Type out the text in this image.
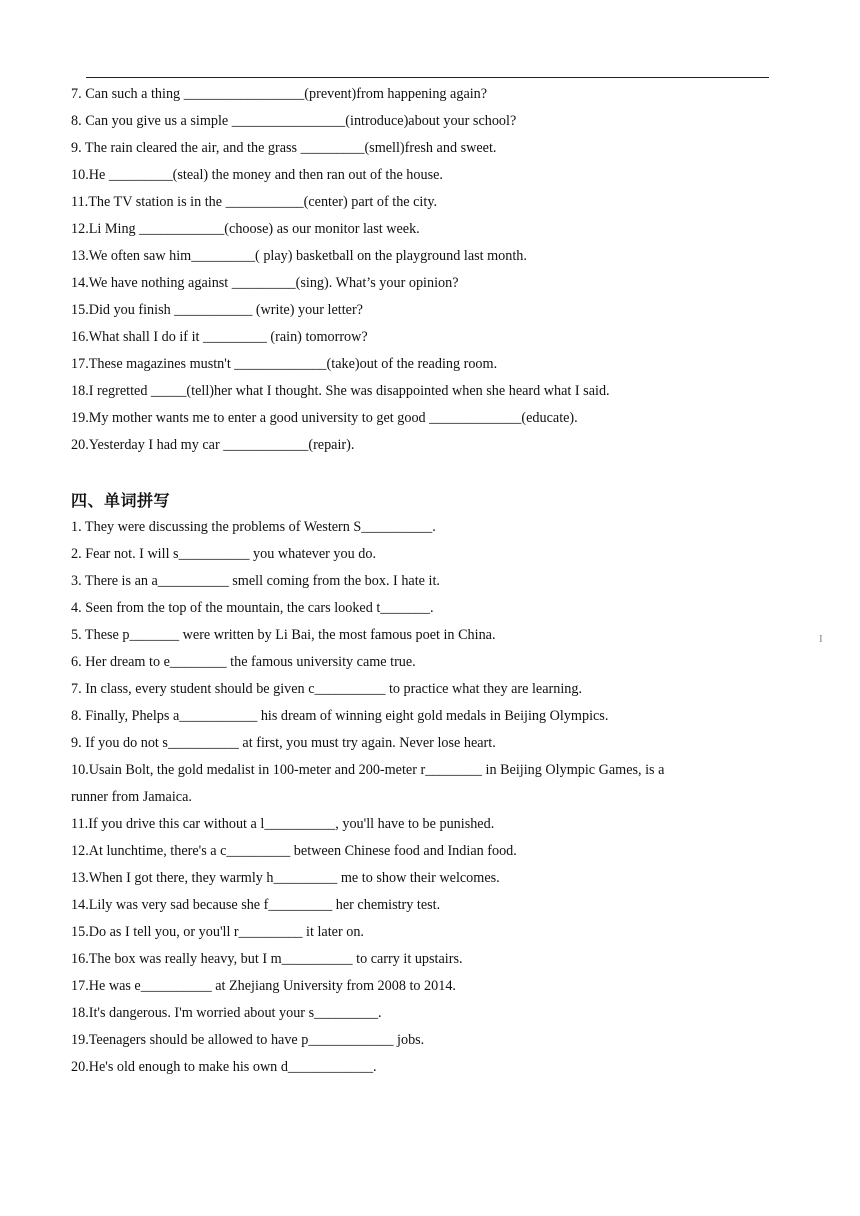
7. Can such a thing _________________(prevent)from happening again?
8. Can you give us a simple ________________(introduce)about your school?
9. The rain cleared the air, and the grass _________(smell)fresh and sweet.
10.He _________(steal) the money and then ran out of the house.
11.The TV station is in the ___________(center) part of the city.
12.Li Ming ____________(choose) as our monitor last week.
13.We often saw him_________( play) basketball on the playground last month.
14.We have nothing against _________(sing). What’s your opinion?
15.Did you finish ___________ (write) your letter?
16.What shall I do if it _________ (rain) tomorrow?
17.These magazines mustn't _____________(take)out of the reading room.
18.I regretted _____(tell)her what I thought. She was disappointed when she heard what I said.
19.My mother wants me to enter a good university to get good _____________(educate).
20.Yesterday I had my car ____________(repair).
四、单词拼写
1. They were discussing the problems of Western S__________.
2. Fear not. I will s__________ you whatever you do.
3. There is an a__________ smell coming from the box. I hate it.
4. Seen from the top of the mountain, the cars looked t_______.
5. These p_______ were written by Li Bai, the most famous poet in China.
6. Her dream to e________ the famous university came true.
7. In class, every student should be given c__________ to practice what they are learning.
8. Finally, Phelps a___________ his dream of winning eight gold medals in Beijing Olympics.
9. If you do not s__________ at first, you must try again. Never lose heart.
10.Usain Bolt, the gold medalist in 100-meter and 200-meter r________ in Beijing Olympic Games, is a
runner from Jamaica.
11.If you drive this car without a l__________, you'll have to be punished.
12.At lunchtime, there's a c_________ between Chinese food and Indian food.
13.When I got there, they warmly h_________ me to show their welcomes.
14.Lily was very sad because she f_________ her chemistry test.
15.Do as I tell you, or you'll r_________ it later on.
16.The box was really heavy, but I m__________ to carry it upstairs.
17.He was e__________ at Zhejiang University from 2008 to 2014.
18.It's dangerous. I'm worried about your s_________.
19.Teenagers should be allowed to have p____________ jobs.
20.He's old enough to make his own d____________.
I
